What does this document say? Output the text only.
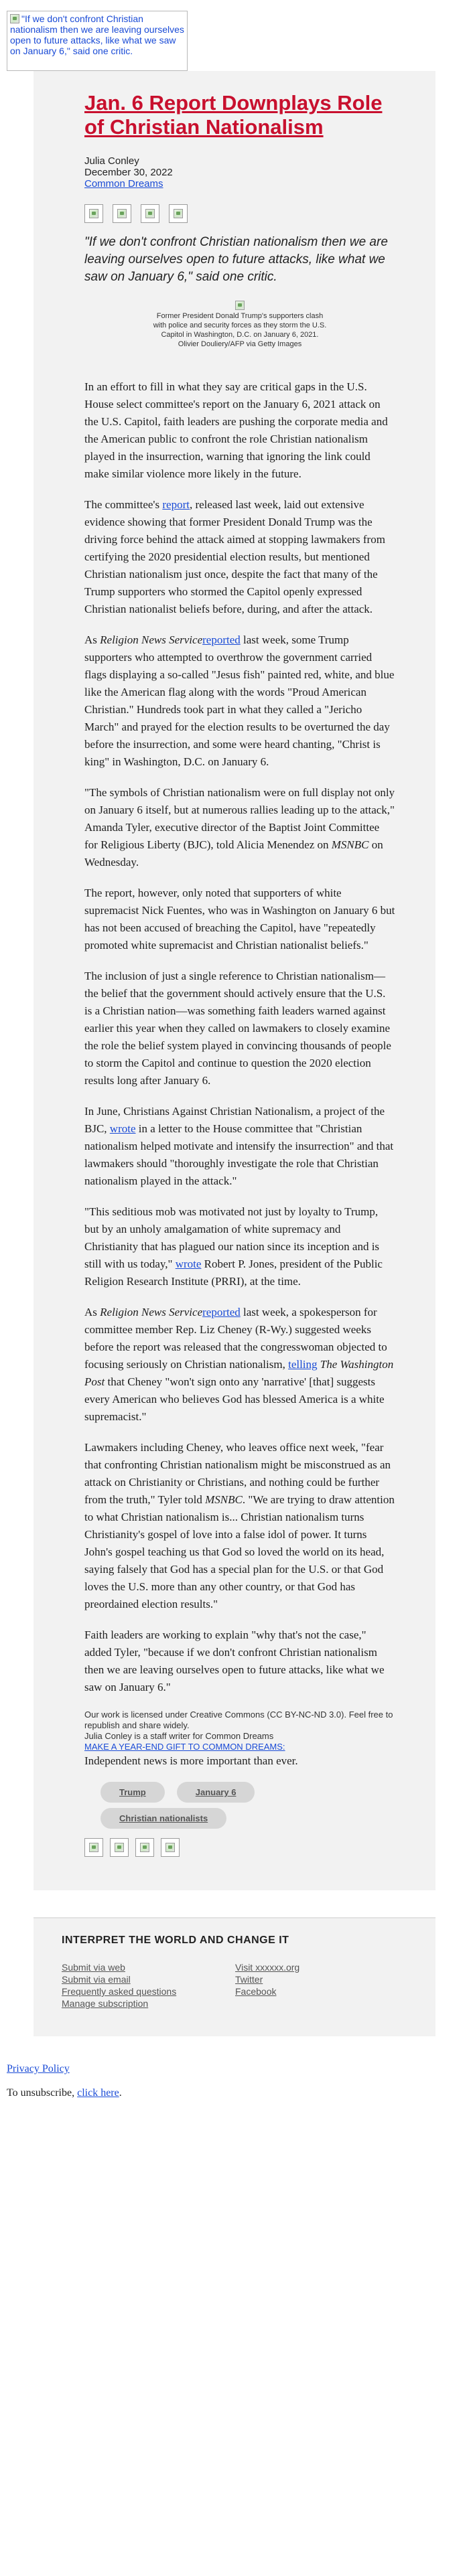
"If we don't confront Christian nationalism then we are leaving ourselves open to future attacks, like what we saw on January 6," said one critic.
Jan. 6 Report Downplays Role of Christian Nationalism
Julia Conley
December 30, 2022
Common Dreams
"If we don't confront Christian nationalism then we are leaving ourselves open to future attacks, like what we saw on January 6," said one critic.
Former President Donald Trump's supporters clash with police and security forces as they storm the U.S. Capitol in Washington, D.C. on January 6, 2021. Olivier Douliery/AFP via Getty Images

In an effort to fill in what they say are critical gaps in the U.S. House select committee's report on the January 6, 2021 attack on the U.S. Capitol, faith leaders are pushing the corporate media and the American public to confront the role Christian nationalism played in the insurrection, warning that ignoring the link could make similar violence more likely in the future.

The committee's report, released last week, laid out extensive evidence showing that former President Donald Trump was the driving force behind the attack aimed at stopping lawmakers from certifying the 2020 presidential election results, but mentioned Christian nationalism just once, despite the fact that many of the Trump supporters who stormed the Capitol openly expressed Christian nationalist beliefs before, during, and after the attack.

As Religion News Servicereported last week, some Trump supporters who attempted to overthrow the government carried flags displaying a so-called "Jesus fish" painted red, white, and blue like the American flag along with the words "Proud American Christian." Hundreds took part in what they called a "Jericho March" and prayed for the election results to be overturned the day before the insurrection, and some were heard chanting, "Christ is king" in Washington, D.C. on January 6.

"The symbols of Christian nationalism were on full display not only on January 6 itself, but at numerous rallies leading up to the attack," Amanda Tyler, executive director of the Baptist Joint Committee for Religious Liberty (BJC), told Alicia Menendez on MSNBC on Wednesday.

The report, however, only noted that supporters of white supremacist Nick Fuentes, who was in Washington on January 6 but has not been accused of breaching the Capitol, have "repeatedly promoted white supremacist and Christian nationalist beliefs."

The inclusion of just a single reference to Christian nationalism—the belief that the government should actively ensure that the U.S. is a Christian nation—was something faith leaders warned against earlier this year when they called on lawmakers to closely examine the role the belief system played in convincing thousands of people to storm the Capitol and continue to question the 2020 election results long after January 6.

In June, Christians Against Christian Nationalism, a project of the BJC, wrote in a letter to the House committee that "Christian nationalism helped motivate and intensify the insurrection" and that lawmakers should "thoroughly investigate the role that Christian nationalism played in the attack."

"This seditious mob was motivated not just by loyalty to Trump, but by an unholy amalgamation of white supremacy and Christianity that has plagued our nation since its inception and is still with us today," wrote Robert P. Jones, president of the Public Religion Research Institute (PRRI), at the time.

As Religion News Servicereported last week, a spokesperson for committee member Rep. Liz Cheney (R-Wy.) suggested weeks before the report was released that the congresswoman objected to focusing seriously on Christian nationalism, telling The Washington Post that Cheney "won't sign onto any 'narrative' [that] suggests every American who believes God has blessed America is a white supremacist."

Lawmakers including Cheney, who leaves office next week, "fear that confronting Christian nationalism might be misconstrued as an attack on Christianity or Christians, and nothing could be further from the truth," Tyler told MSNBC. "We are trying to draw attention to what Christian nationalism is... Christian nationalism turns Christianity's gospel of love into a false idol of power. It turns John's gospel teaching us that God so loved the world on its head, saying falsely that God has a special plan for the U.S. or that God loves the U.S. more than any other country, or that God has preordained election results."

Faith leaders are working to explain "why that's not the case," added Tyler, "because if we don't confront Christian nationalism then we are leaving ourselves open to future attacks, like what we saw on January 6."

Our work is licensed under Creative Commons (CC BY-NC-ND 3.0). Feel free to republish and share widely.
Julia Conley is a staff writer for Common Dreams
MAKE A YEAR-END GIFT TO COMMON DREAMS:
Independent news is more important than ever.
Trump	January 6
Christian nationalists
INTERPRET THE WORLD AND CHANGE IT
Submit via web
Submit via email
Frequently asked questions
Manage subscription
Visit xxxxxx.org
Twitter
Facebook
Privacy Policy
To unsubscribe, click here.
